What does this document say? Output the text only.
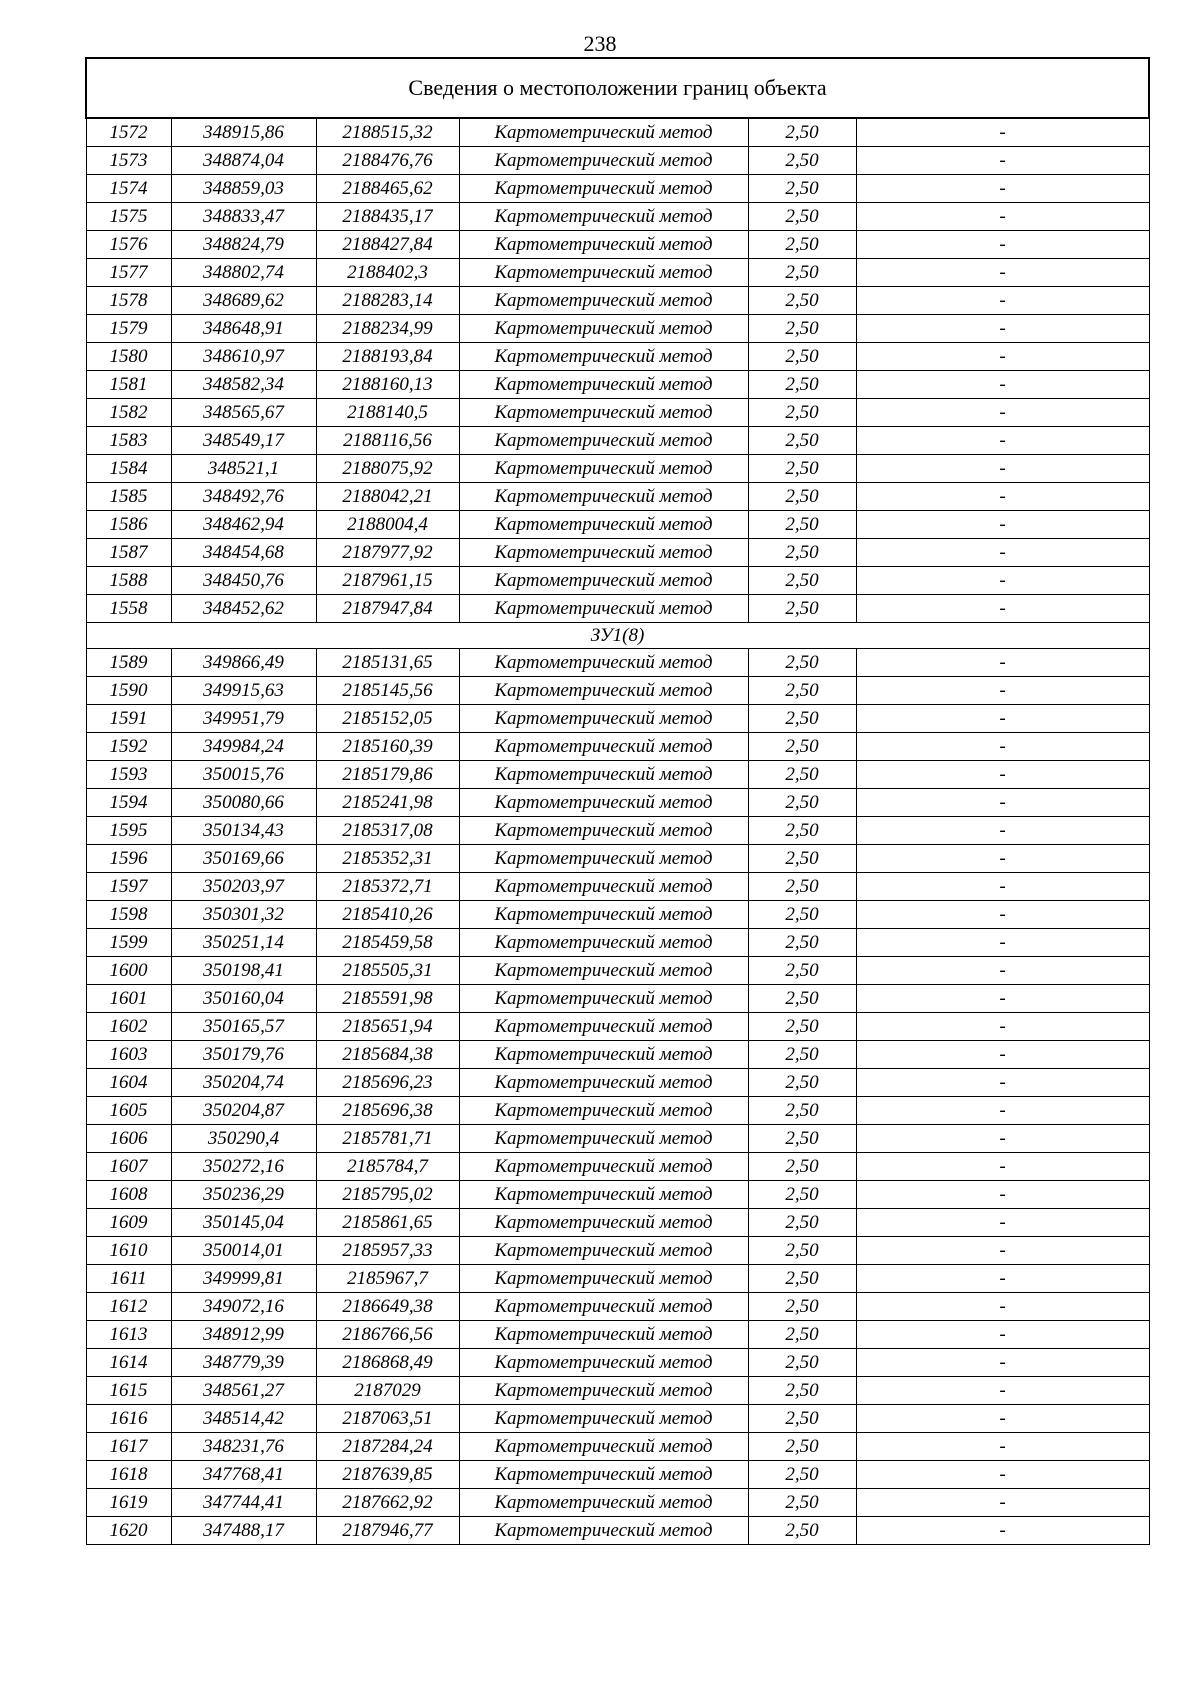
238
Сведения о местоположении границ объекта					
1572	348915,86	2188515,32	Картометрический метод	2,50	-
1573	348874,04	2188476,76	Картометрический метод	2,50	-
1574	348859,03	2188465,62	Картометрический метод	2,50	-
1575	348833,47	2188435,17	Картометрический метод	2,50	-
1576	348824,79	2188427,84	Картометрический метод	2,50	-
1577	348802,74	2188402,3	Картометрический метод	2,50	-
1578	348689,62	2188283,14	Картометрический метод	2,50	-
1579	348648,91	2188234,99	Картометрический метод	2,50	-
1580	348610,97	2188193,84	Картометрический метод	2,50	-
1581	348582,34	2188160,13	Картометрический метод	2,50	-
1582	348565,67	2188140,5	Картометрический метод	2,50	-
1583	348549,17	2188116,56	Картометрический метод	2,50	-
1584	348521,1	2188075,92	Картометрический метод	2,50	-
1585	348492,76	2188042,21	Картометрический метод	2,50	-
1586	348462,94	2188004,4	Картометрический метод	2,50	-
1587	348454,68	2187977,92	Картометрический метод	2,50	-
1588	348450,76	2187961,15	Картометрический метод	2,50	-
1558	348452,62	2187947,84	Картометрический метод	2,50	-
ЗУ1(8)					
1589	349866,49	2185131,65	Картометрический метод	2,50	-
1590	349915,63	2185145,56	Картометрический метод	2,50	-
1591	349951,79	2185152,05	Картометрический метод	2,50	-
1592	349984,24	2185160,39	Картометрический метод	2,50	-
1593	350015,76	2185179,86	Картометрический метод	2,50	-
1594	350080,66	2185241,98	Картометрический метод	2,50	-
1595	350134,43	2185317,08	Картометрический метод	2,50	-
1596	350169,66	2185352,31	Картометрический метод	2,50	-
1597	350203,97	2185372,71	Картометрический метод	2,50	-
1598	350301,32	2185410,26	Картометрический метод	2,50	-
1599	350251,14	2185459,58	Картометрический метод	2,50	-
1600	350198,41	2185505,31	Картометрический метод	2,50	-
1601	350160,04	2185591,98	Картометрический метод	2,50	-
1602	350165,57	2185651,94	Картометрический метод	2,50	-
1603	350179,76	2185684,38	Картометрический метод	2,50	-
1604	350204,74	2185696,23	Картометрический метод	2,50	-
1605	350204,87	2185696,38	Картометрический метод	2,50	-
1606	350290,4	2185781,71	Картометрический метод	2,50	-
1607	350272,16	2185784,7	Картометрический метод	2,50	-
1608	350236,29	2185795,02	Картометрический метод	2,50	-
1609	350145,04	2185861,65	Картометрический метод	2,50	-
1610	350014,01	2185957,33	Картометрический метод	2,50	-
1611	349999,81	2185967,7	Картометрический метод	2,50	-
1612	349072,16	2186649,38	Картометрический метод	2,50	-
1613	348912,99	2186766,56	Картометрический метод	2,50	-
1614	348779,39	2186868,49	Картометрический метод	2,50	-
1615	348561,27	2187029	Картометрический метод	2,50	-
1616	348514,42	2187063,51	Картометрический метод	2,50	-
1617	348231,76	2187284,24	Картометрический метод	2,50	-
1618	347768,41	2187639,85	Картометрический метод	2,50	-
1619	347744,41	2187662,92	Картометрический метод	2,50	-
1620	347488,17	2187946,77	Картометрический метод	2,50	-
